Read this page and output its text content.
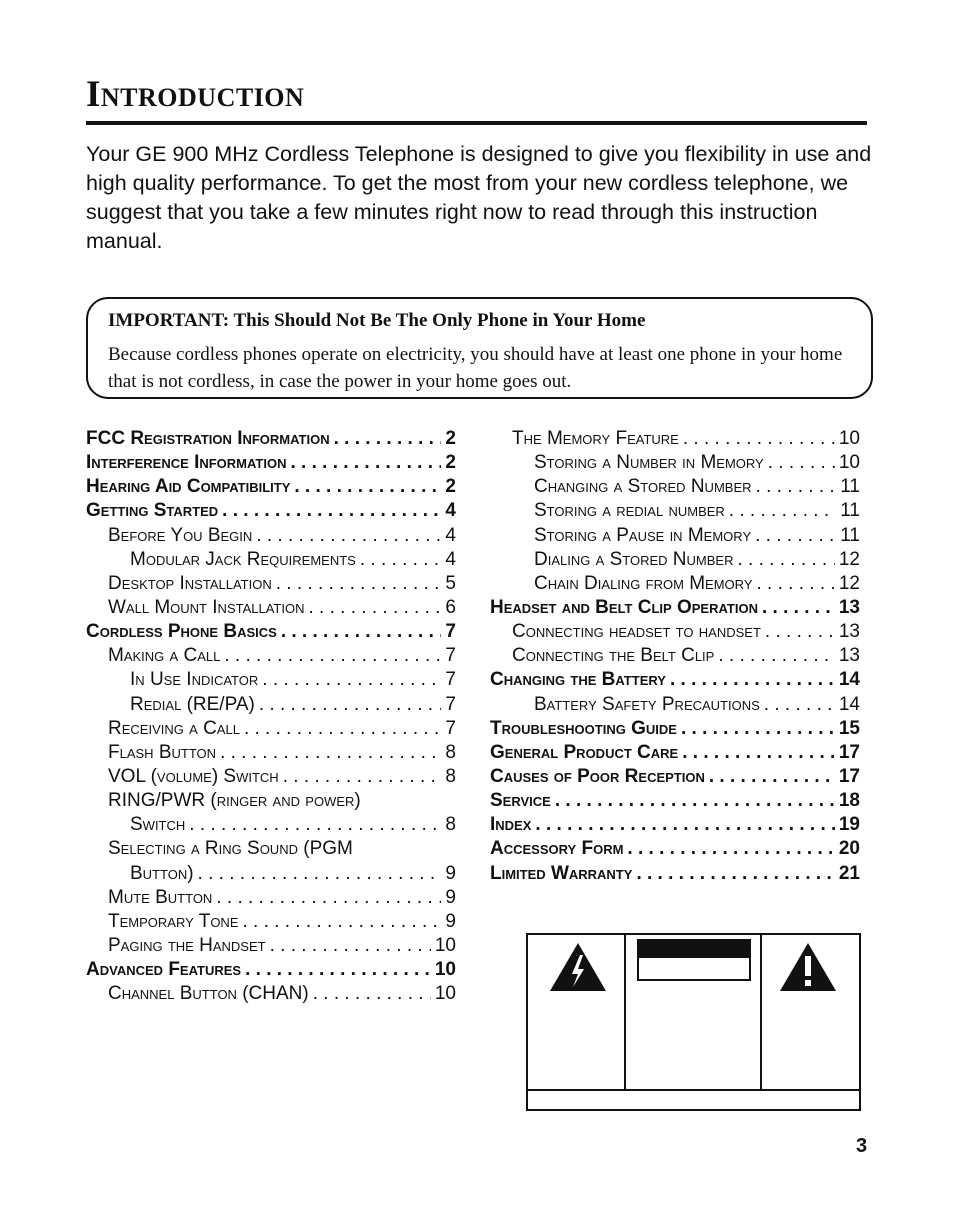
Introduction
Your GE 900 MHz Cordless Telephone is designed to give you flexibility in use and high quality performance. To get the most from your new cordless telephone, we suggest that you take a few minutes right now to read through this instruction manual.
IMPORTANT: This Should Not Be The Only Phone in Your Home
Because cordless phones operate on electricity, you should have at least one phone in your home that is not cordless, in case the power in your home goes out.
FCC Registration Information . . .	2
Interference Information . . .	2
Hearing Aid Compatibility . . .	2
Getting Started . . .	4
Before You Begin . . .	4
Modular Jack Requirements . . .	4
Desktop Installation . . .	5
Wall Mount Installation . . .	6
Cordless Phone Basics . . .	7
Making a Call . . .	7
In Use Indicator . . .	7
Redial (RE/PA) . . .	7
Receiving a Call . . .	7
Flash Button . . .	8
VOL (volume) Switch . . .	8
RING/PWR (ringer and power)
Switch . . .	8
Selecting a Ring Sound (PGM
Button) . . .	9
Mute Button . . .	9
Temporary Tone . . .	9
Paging the Handset . . .	10
Advanced Features . . .	10
Channel Button (CHAN) . . .	10
The Memory Feature . . .	10
Storing a Number in Memory . . .	10
Changing a Stored Number . . .	11
Storing a redial number . . .	11
Storing a Pause in Memory . . .	11
Dialing a Stored Number . . .	12
Chain Dialing from Memory . . .	12
Headset and Belt Clip Operation . . .	13
Connecting headset to handset . . .	13
Connecting the Belt Clip . . .	13
Changing the Battery . . .	14
Battery Safety Precautions . . .	14
Troubleshooting Guide . . .	15
General Product Care . . .	17
Causes of Poor Reception . . .	17
Service . . .	18
Index . . .	19
Accessory Form . . .	20
Limited Warranty . . .	21
3
